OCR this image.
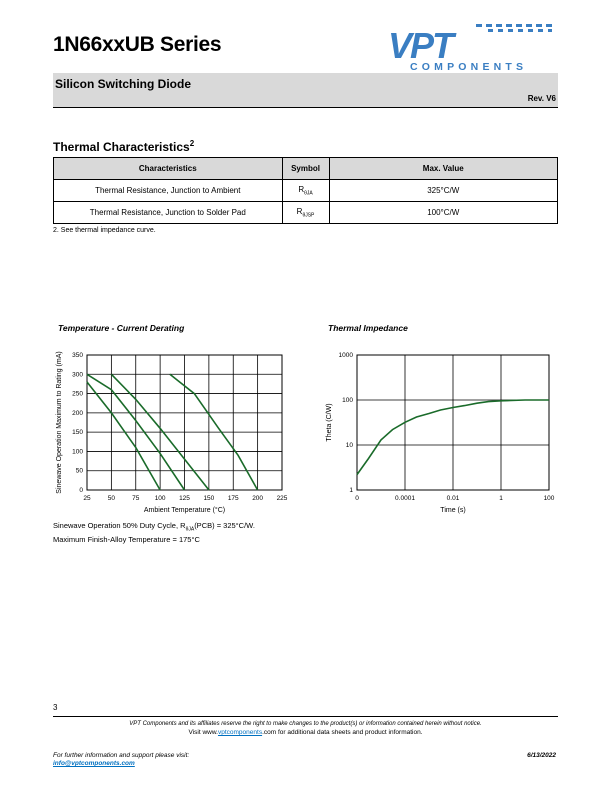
1N66xxUB Series	VPT
COMPONENTS
Silicon Switching Diode
Rev. V6
Thermal Characteristics$^2$
Characteristics	Symbol	Max. Value
Thermal Resistance, Junction to Ambient	$R_{\theta JA}$	325°C/W
Thermal Resistance, Junction to Solder Pad	$R_{\theta JSP}$	100°C/W
2. See thermal impedance curve.
Temperature - Current Derating
25	50	75 100 125 150 175 200 225
0
50
100
150
200
250
300
350
Ambient Temperature (°C)
Sinewave Operation Maximum to Rating (mA)
Thermal Impedance
0	0.0001	0.01	1	100
1
10
100
1000
Time (s)
Theta (C/W)
Sinewave Operation 50% Duty Cycle, $R_{\theta JA}(PCB) = 325^\circ C/W$.
Maximum Finish-Alloy Temperature = 175°C
3
VPT Components and its affiliates reserve the right to make changes to the product(s) or information contained herein without notice.
Visit www.vptcomponents.com for additional data sheets and product information.
For further information and support please visit:
info@vptcomponents.com
6/13/2022
